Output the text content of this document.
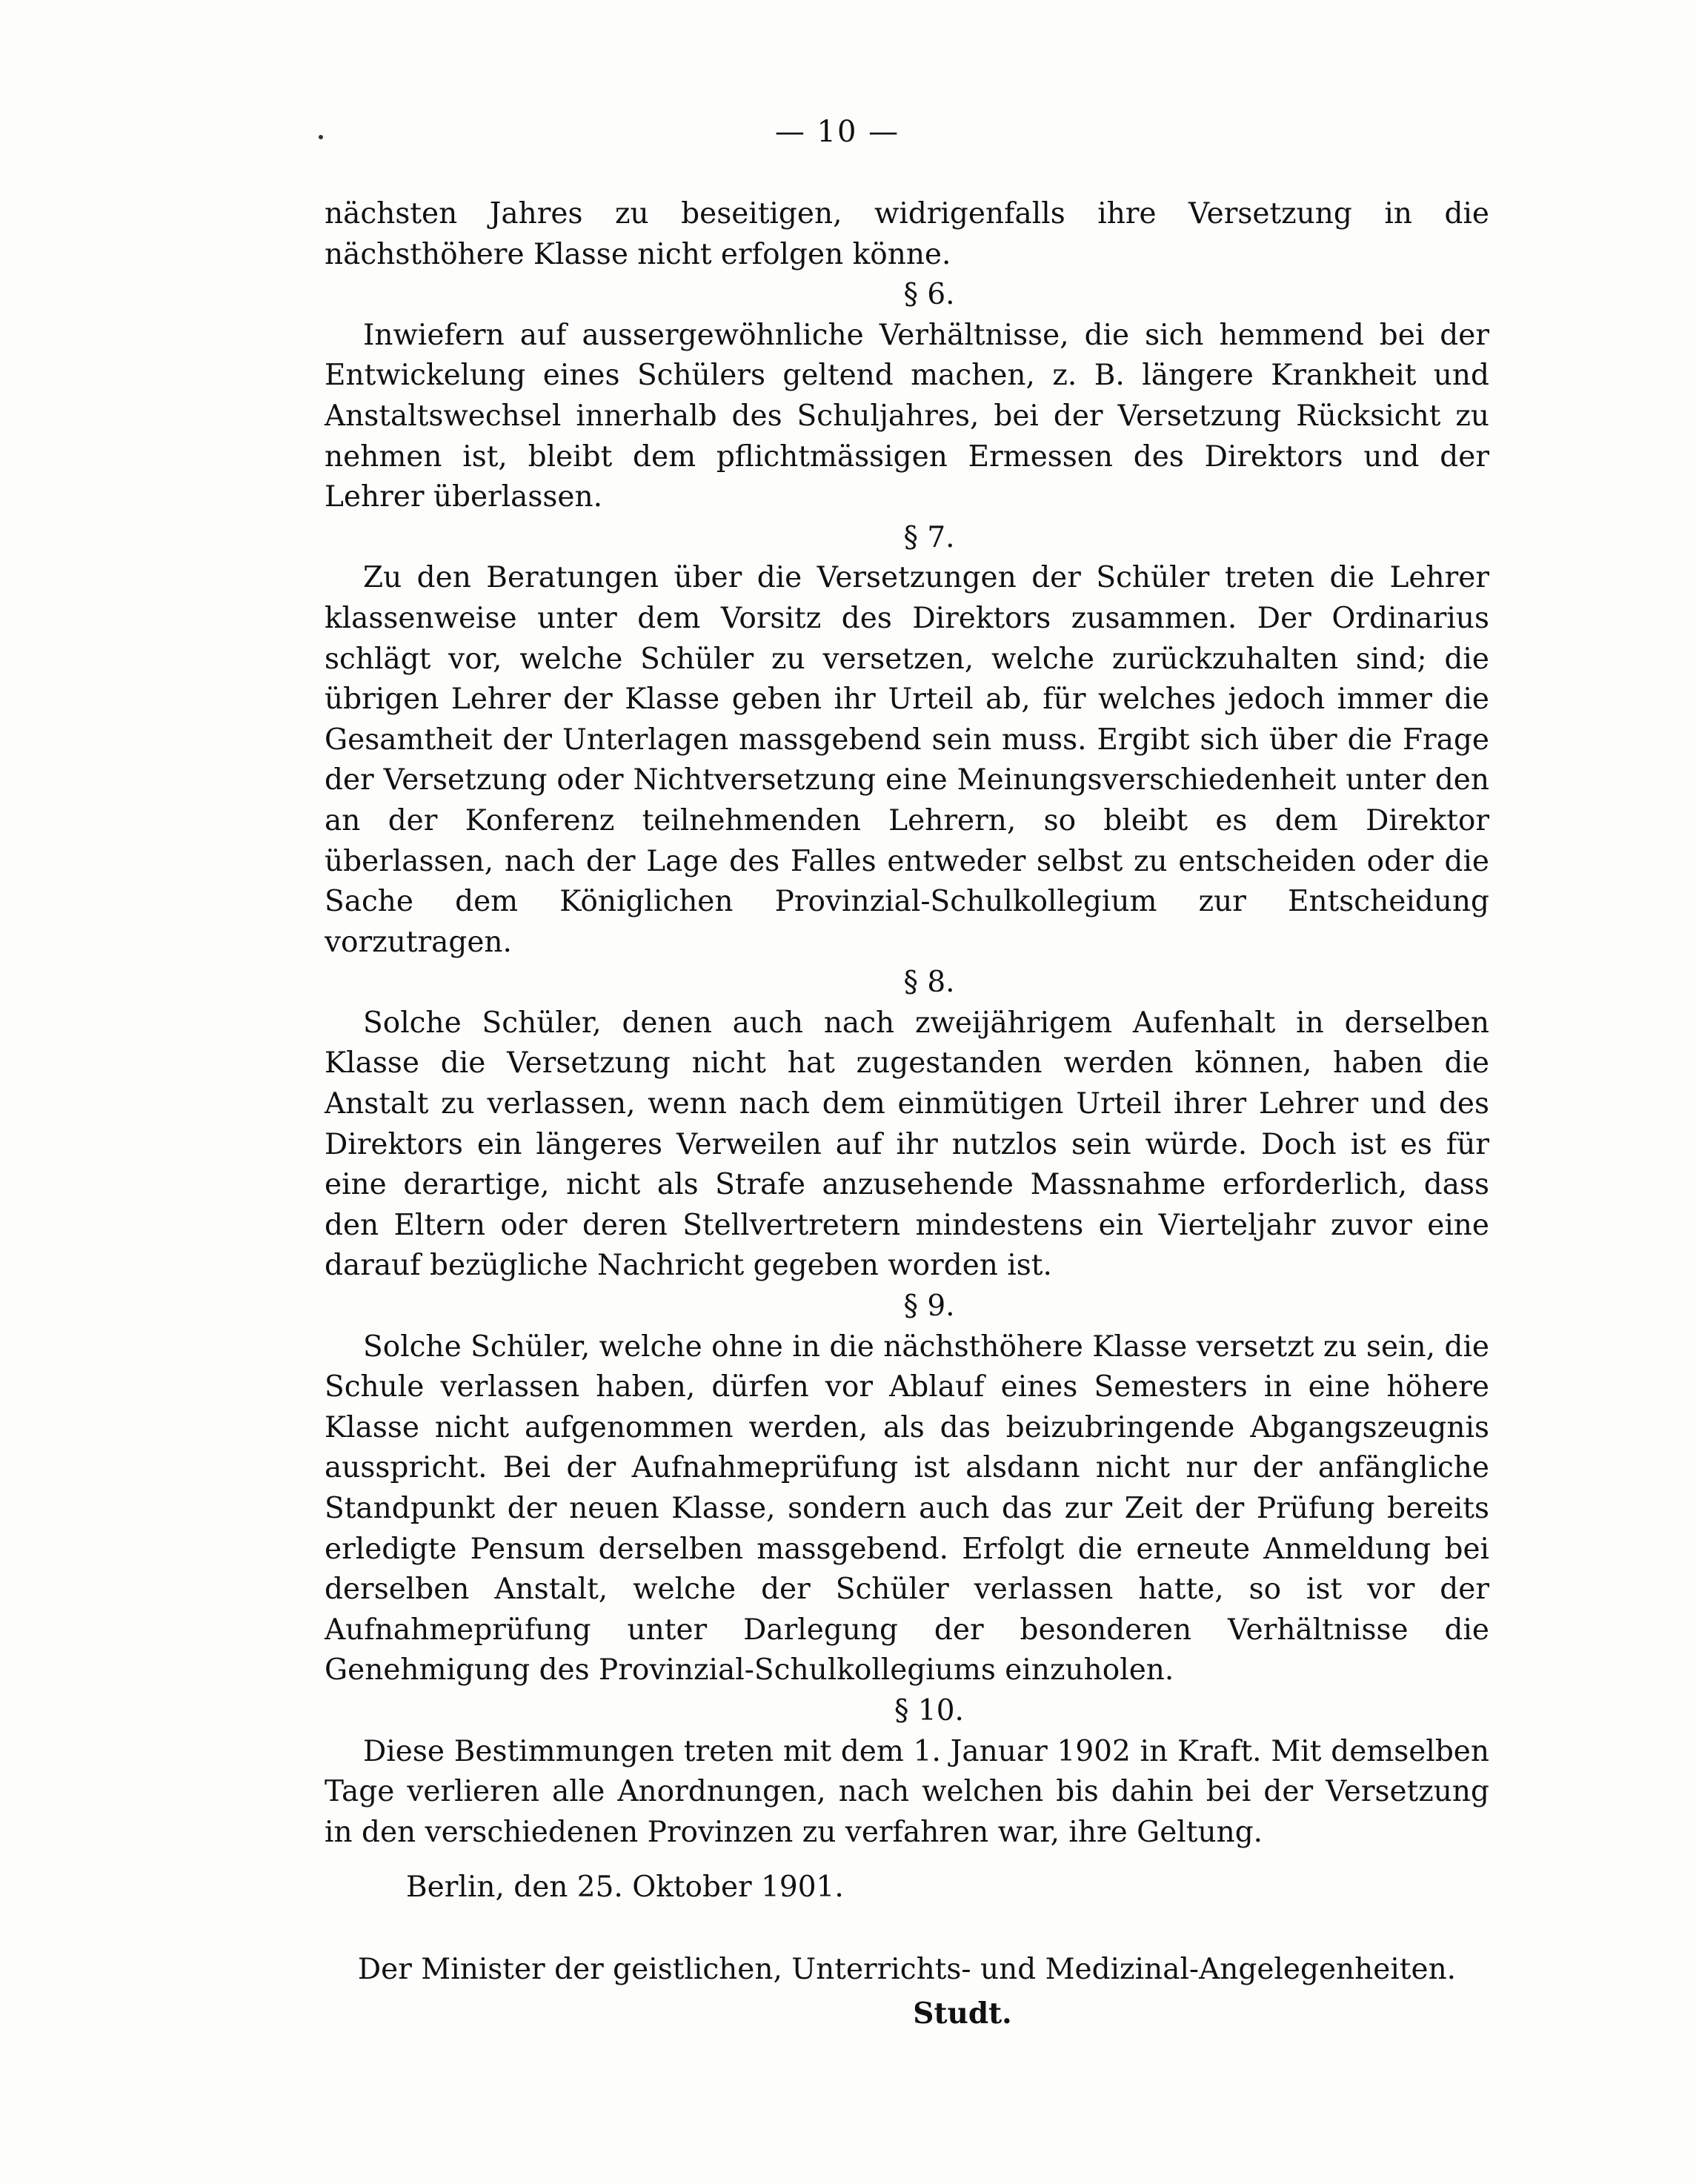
— 10 —

nächsten Jahres zu beseitigen, widrigenfalls ihre Versetzung in die nächsthöhere Klasse nicht erfolgen könne.

§ 6.

Inwiefern auf aussergewöhnliche Verhältnisse, die sich hemmend bei der Entwickelung eines Schülers geltend machen, z. B. längere Krankheit und Anstaltswechsel innerhalb des Schuljahres, bei der Versetzung Rücksicht zu nehmen ist, bleibt dem pflichtmässigen Ermessen des Direktors und der Lehrer überlassen.

§ 7.

Zu den Beratungen über die Versetzungen der Schüler treten die Lehrer klassenweise unter dem Vorsitz des Direktors zusammen. Der Ordinarius schlägt vor, welche Schüler zu versetzen, welche zurückzuhalten sind; die übrigen Lehrer der Klasse geben ihr Urteil ab, für welches jedoch immer die Gesamtheit der Unterlagen massgebend sein muss. Ergibt sich über die Frage der Versetzung oder Nichtversetzung eine Meinungsverschiedenheit unter den an der Konferenz teilnehmenden Lehrern, so bleibt es dem Direktor überlassen, nach der Lage des Falles entweder selbst zu entscheiden oder die Sache dem Königlichen Provinzial-Schulkollegium zur Entscheidung vorzutragen.

§ 8.

Solche Schüler, denen auch nach zweijährigem Aufenhalt in derselben Klasse die Versetzung nicht hat zugestanden werden können, haben die Anstalt zu verlassen, wenn nach dem einmütigen Urteil ihrer Lehrer und des Direktors ein längeres Verweilen auf ihr nutzlos sein würde. Doch ist es für eine derartige, nicht als Strafe anzusehende Massnahme erforderlich, dass den Eltern oder deren Stellvertretern mindestens ein Vierteljahr zuvor eine darauf bezügliche Nachricht gegeben worden ist.

§ 9.

Solche Schüler, welche ohne in die nächsthöhere Klasse versetzt zu sein, die Schule verlassen haben, dürfen vor Ablauf eines Semesters in eine höhere Klasse nicht aufgenommen werden, als das beizubringende Abgangszeugnis ausspricht. Bei der Aufnahmeprüfung ist alsdann nicht nur der anfängliche Standpunkt der neuen Klasse, sondern auch das zur Zeit der Prüfung bereits erledigte Pensum derselben massgebend. Erfolgt die erneute Anmeldung bei derselben Anstalt, welche der Schüler verlassen hatte, so ist vor der Aufnahmeprüfung unter Darlegung der besonderen Verhältnisse die Genehmigung des Provinzial-Schulkollegiums einzuholen.

§ 10.

Diese Bestimmungen treten mit dem 1. Januar 1902 in Kraft. Mit demselben Tage verlieren alle Anordnungen, nach welchen bis dahin bei der Versetzung in den verschiedenen Provinzen zu verfahren war, ihre Geltung.

Berlin, den 25. Oktober 1901.

Der Minister der geistlichen, Unterrichts- und Medizinal-Angelegenheiten.

Studt.
